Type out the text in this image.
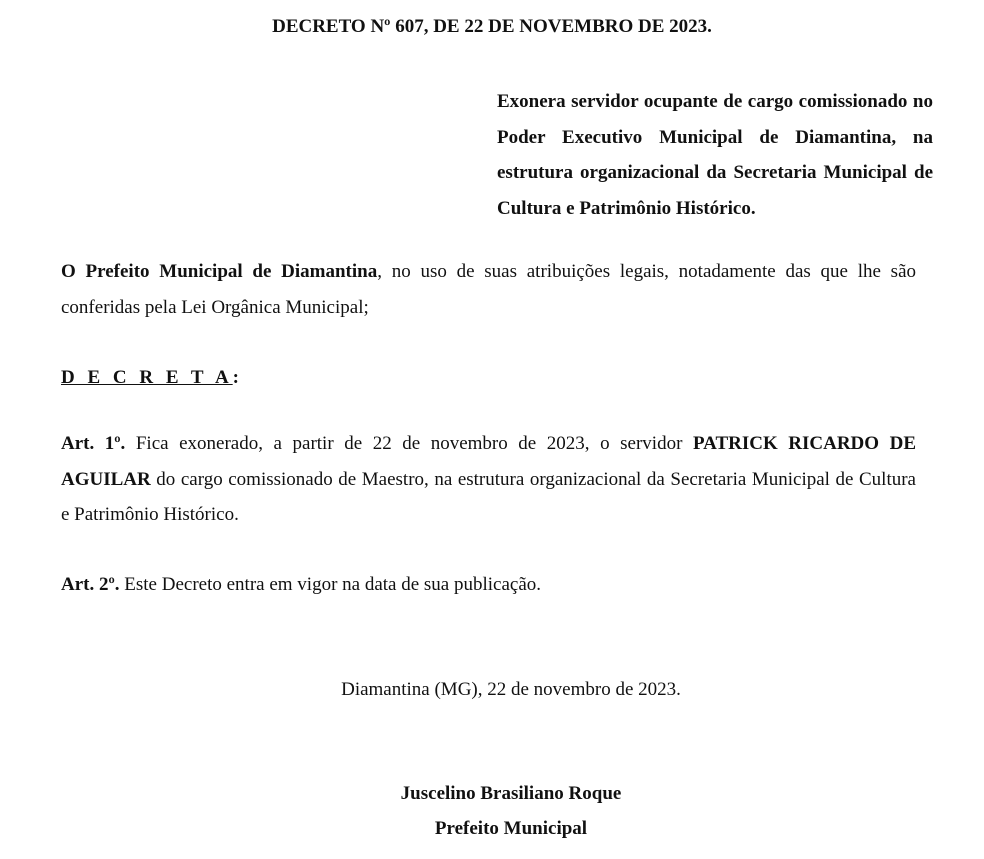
DECRETO Nº 607, DE 22 DE NOVEMBRO DE 2023.
Exonera servidor ocupante de cargo comissionado no Poder Executivo Municipal de Diamantina, na estrutura organizacional da Secretaria Municipal de Cultura e Patrimônio Histórico.
O Prefeito Municipal de Diamantina, no uso de suas atribuições legais, notadamente das que lhe são conferidas pela Lei Orgânica Municipal;
D E C R E T A:
Art. 1º. Fica exonerado, a partir de 22 de novembro de 2023, o servidor PATRICK RICARDO DE AGUILAR do cargo comissionado de Maestro, na estrutura organizacional da Secretaria Municipal de Cultura e Patrimônio Histórico.
Art. 2º. Este Decreto entra em vigor na data de sua publicação.
Diamantina (MG), 22 de novembro de 2023.
Juscelino Brasiliano Roque
Prefeito Municipal
